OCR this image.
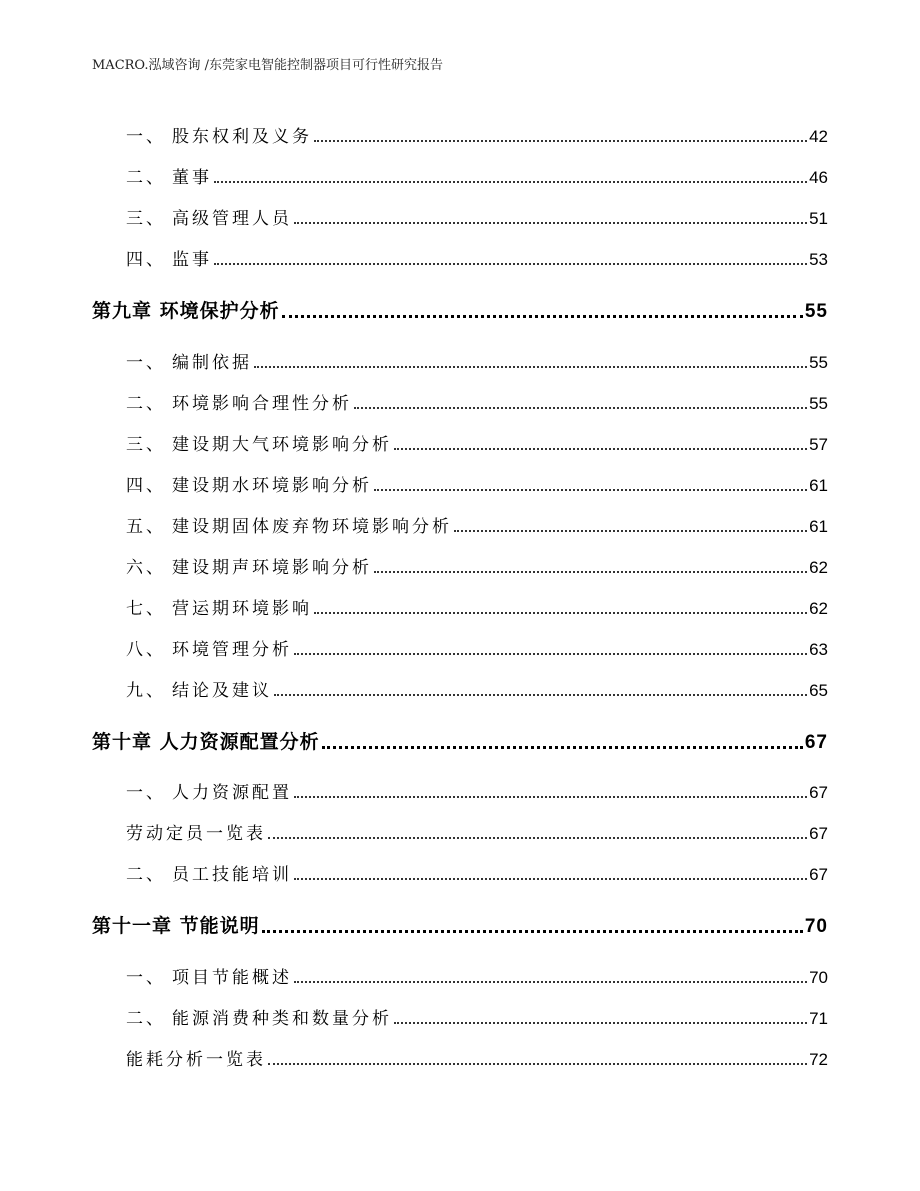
MACRO.泓域咨询 /东莞家电智能控制器项目可行性研究报告
一、 股东权利及义务	42
二、 董事	46
三、 高级管理人员	51
四、 监事	53
第九章 环境保护分析	55
一、 编制依据	55
二、 环境影响合理性分析	55
三、 建设期大气环境影响分析	57
四、 建设期水环境影响分析	61
五、 建设期固体废弃物环境影响分析	61
六、 建设期声环境影响分析	62
七、 营运期环境影响	62
八、 环境管理分析	63
九、 结论及建议	65
第十章 人力资源配置分析	67
一、 人力资源配置	67
劳动定员一览表	67
二、 员工技能培训	67
第十一章 节能说明	70
一、 项目节能概述	70
二、 能源消费种类和数量分析	71
能耗分析一览表	72
